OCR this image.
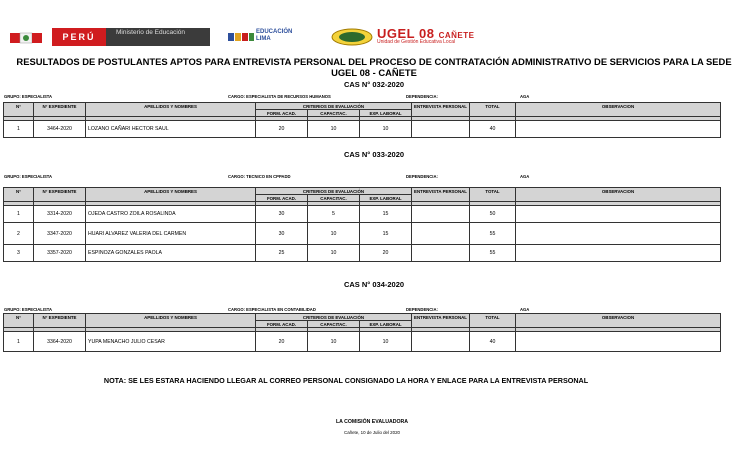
PERÚ	Ministerio de Educación	EDUCACIÓN LIMA	UGEL 08 CAÑETE
Unidad de Gestión Educativa Local
RESULTADOS DE POSTULANTES APTOS PARA ENTREVISTA PERSONAL DEL PROCESO DE CONTRATACIÓN ADMINISTRATIVO DE SERVICIOS PARA LA SEDE UGEL 08 - CAÑETE
CAS N° 032-2020
GRUPO: ESPECIALISTA	CARGO: ESPECIALISTA DE RECURSOS HUMANOS	DEPENDENCIA:	AGA
N°	N° EXPEDIENTE	APELLIDOS Y NOMBRES	CRITERIOS DE EVALUACIÓN			ENTREVISTA PERSONAL	TOTAL	OBSERVACION
			FORM. ACAD.	CAPACITAC.	EXP. LABORAL			

1	3464-2020	LOZANO CAÑARI HECTOR SAUL	20	10	10		40	
CAS N° 033-2020
GRUPO: ESPECIALISTA	CARGO: TECNICO EN CPPADD	DEPENDENCIA:	AGA
N°	N° EXPEDIENTE	APELLIDOS Y NOMBRES	CRITERIOS DE EVALUACIÓN			ENTREVISTA PERSONAL	TOTAL	OBSERVACION
			FORM. ACAD.	CAPACITAC.	EXP. LABORAL			

1	3314-2020	OJEDA CASTRO ZOILA ROSALINDA	30	5	15		50	
2	3347-2020	HUARI ALVAREZ VALERIA DEL CARMEN	30	10	15		55	
3	3357-2020	ESPINOZA GONZALES PAOLA	25	10	20		55	
CAS N° 034-2020
GRUPO: ESPECIALISTA	CARGO: ESPECIALISTA EN CONTABILIDAD	DEPENDENCIA:	AGA
N°	N° EXPEDIENTE	APELLIDOS Y NOMBRES	CRITERIOS DE EVALUACIÓN			ENTREVISTA PERSONAL	TOTAL	OBSERVACION
			FORM. ACAD.	CAPACITAC.	EXP. LABORAL			

1	3364-2020	YUPA MENACHO JULIO CESAR	20	10	10		40	
NOTA: SE LES ESTARA HACIENDO LLEGAR AL CORREO PERSONAL CONSIGNADO LA HORA Y ENLACE PARA LA ENTREVISTA PERSONAL
LA COMISIÓN EVALUADORA
Cañete, 10 de Julio del 2020
